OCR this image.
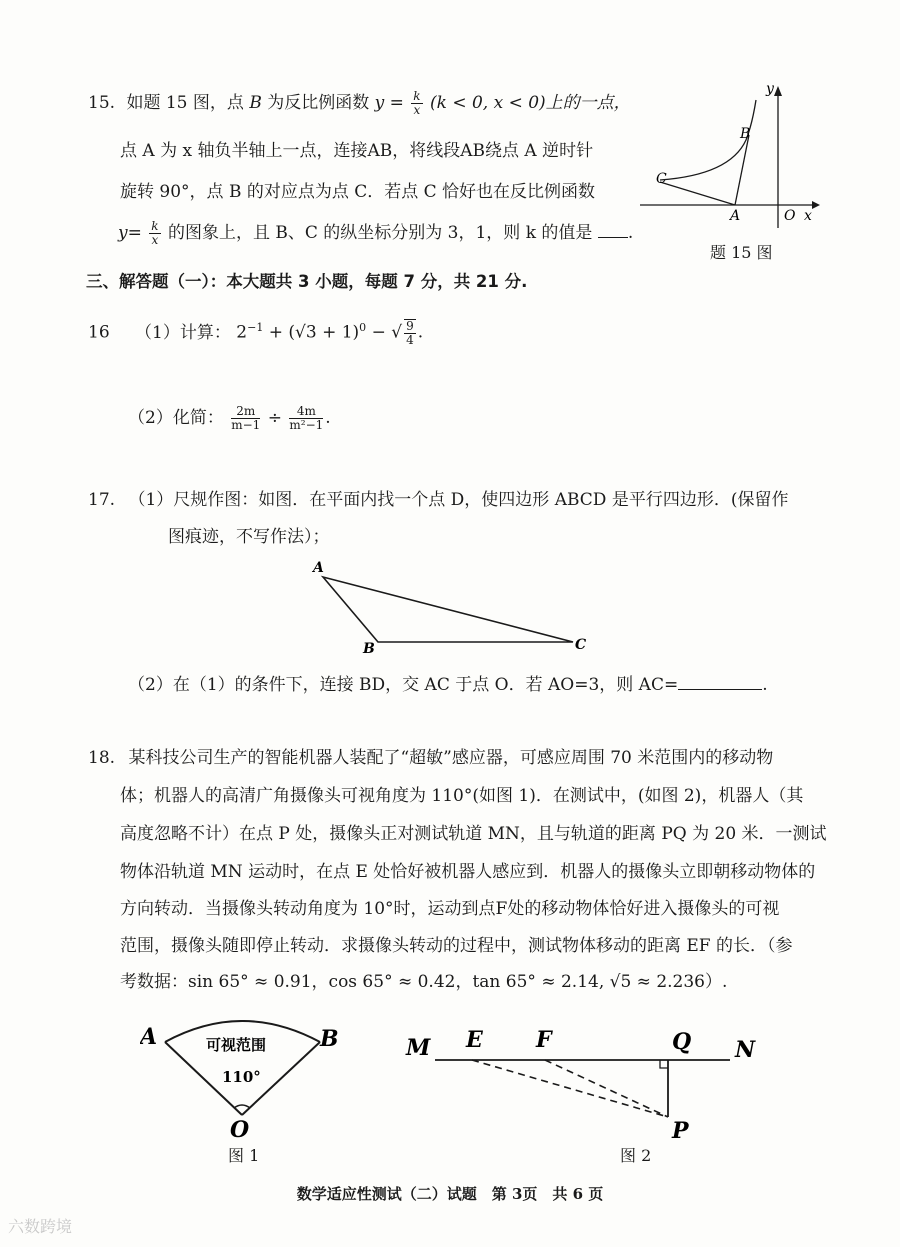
15. 如题 15 图，点 B 为反比例函数 $y = \frac{k}{x} (k < 0$, x < 0)上的一点，
点 A 为 x 轴负半轴上一点，连接AB，将线段AB绕点 A 逆时针
旋转 90°，点 B 的对应点为点 C．若点 C 恰好也在反比例函数
$y= \frac{k}{x}$ 的图象上，且 B、C 的纵坐标分别为 3，1，则 k 的值是 .
y
B
C
A	O x
题 15 图
三、解答题（一）：本大题共 3 小题，每题 7 分，共 21 分.
16 （1）计算： $2^{-1} + (√3 + 1)^0$ − √ $\frac{9}{4}$ .
（2）化简： $\frac{2m}{m-1} \div \frac{4m}{\text{m²−1}}$ .
17. （1）尺规作图：如图．在平面内找一个点 D，使四边形 ABCD 是平行四边形．(保留作
图痕迹，不写作法）；
A
B	C
（2）在（1）的条件下，连接 BD，交 AC 于点 O．若 AO=3，则 AC=	.
18. 某科技公司生产的智能机器人装配了“超敏”感应器，可感应周围 70 米范围内的移动物
体；机器人的高清广角摄像头可视角度为 110°(如图 1)．在测试中，(如图 2)，机器人（其
高度忽略不计）在点 P 处，摄像头正对测试轨道 MN，且与轨道的距离 PQ 为 20 米．一测试
物体沿轨道 MN 运动时，在点 E 处恰好被机器人感应到．机器人的摄像头立即朝移动物体的
方向转动．当摄像头转动角度为 10°时，运动到点F处的移动物体恰好进入摄像头的可视
范围，摄像头随即停止转动．求摄像头转动的过程中，测试物体移动的距离 EF 的长．（参
考数据：sin 65° ≈ 0.91，cos 65° ≈ 0.42，tan 65° ≈ 2.14, √5 ≈ 2.236）.
A	B
O
可视范围
110°
图 1
M E F	Q N
P
图 2
数学适应性测试（二）试题　第 3页　共 6 页
六数跨境
